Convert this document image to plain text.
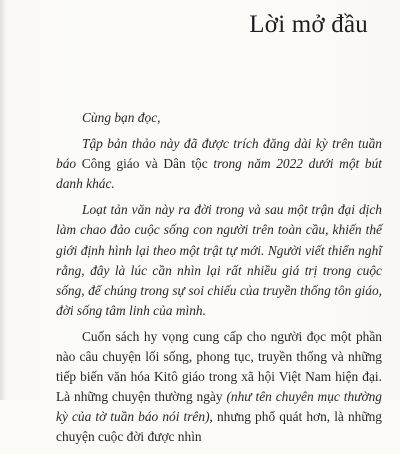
Lời mở đầu

Cùng bạn đọc,

Tập bản thảo này đã được trích đăng dài kỳ trên tuần báo Công giáo và Dân tộc trong năm 2022 dưới một bút danh khác.

Loạt tản văn này ra đời trong và sau một trận đại dịch làm chao đảo cuộc sống con người trên toàn cầu, khiến thế giới định hình lại theo một trật tự mới. Người viết thiển nghĩ rằng, đây là lúc cần nhìn lại rất nhiều giá trị trong cuộc sống, để chúng trong sự soi chiếu của truyền thống tôn giáo, đời sống tâm linh của mình.

Cuốn sách hy vọng cung cấp cho người đọc một phần nào câu chuyện lối sống, phong tục, truyền thống và những tiếp biến văn hóa Kitô giáo trong xã hội Việt Nam hiện đại. Là những chuyện thường ngày (như tên chuyên mục thường kỳ của tờ tuần báo nói trên), nhưng phổ quát hơn, là những chuyện cuộc đời được nhìn
